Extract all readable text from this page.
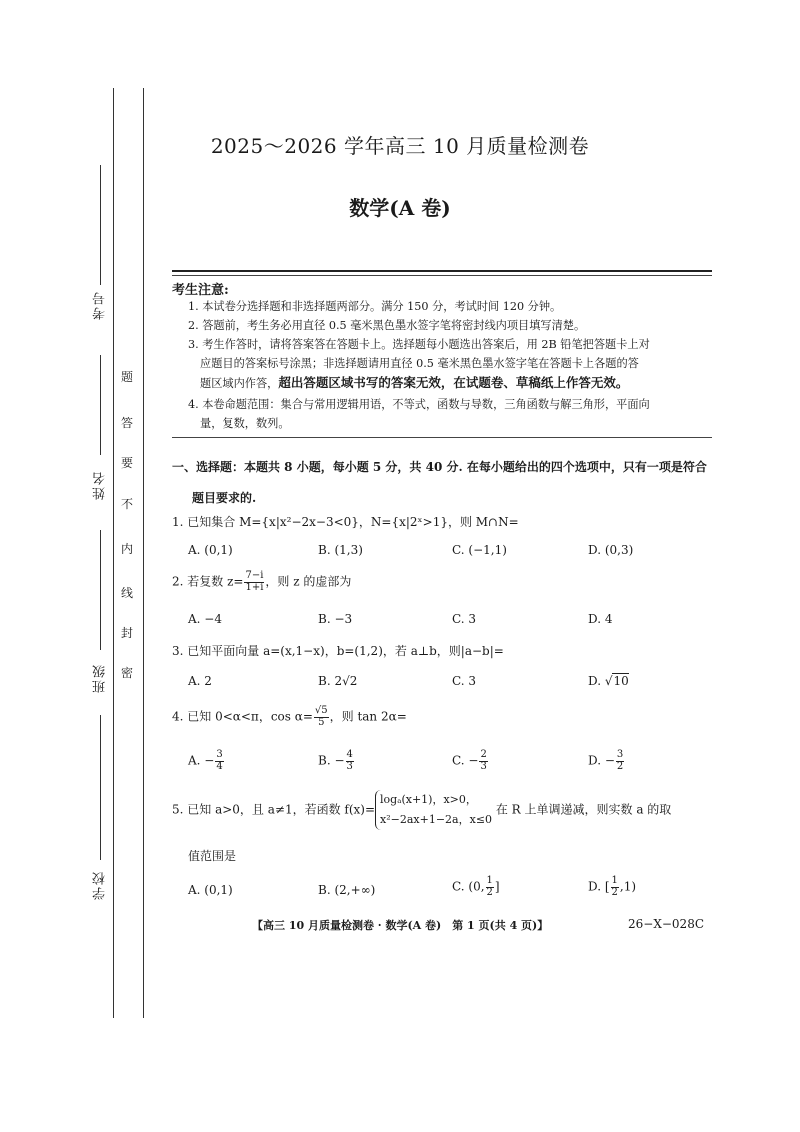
考号
姓名
班级
学校
密
封
线
内
不
要
答
题
2025～2026 学年高三 10 月质量检测卷
数学(A 卷)
考生注意:
1. 本试卷分选择题和非选择题两部分。满分 150 分，考试时间 120 分钟。
2. 答题前，考生务必用直径 0.5 毫米黑色墨水签字笔将密封线内项目填写清楚。
3. 考生作答时，请将答案答在答题卡上。选择题每小题选出答案后，用 2B 铅笔把答题卡上对
应题目的答案标号涂黑；非选择题请用直径 0.5 毫米黑色墨水签字笔在答题卡上各题的答
题区域内作答，超出答题区域书写的答案无效，在试题卷、草稿纸上作答无效。
4. 本卷命题范围：集合与常用逻辑用语，不等式，函数与导数，三角函数与解三角形，平面向
量，复数，数列。
一、选择题：本题共 8 小题，每小题 5 分，共 40 分. 在每小题给出的四个选项中，只有一项是符合
题目要求的.
1. 已知集合 M={x|x²−2x−3<0}，N={x|2ˣ>1}，则 M∩N=
A. (0,1)	B. (1,3)	C. (−1,1)	D. (0,3)
2. 若复数 $z= \frac{7-i}{1+i}$ ，则 z 的虚部为
A. −4	B. −3	C. 3	D. 4
3. 已知平面向量 a=(x,1−x)，b=(1,2)，若 a⊥b，则|a−b|=
A. 2	B. 2√2	C. 3	D. √10
4. 已知 0<α<π，$\cos \alpha= \frac{√5}{5}$ ，则 tan 2α=
A. − $\frac{3}{4}$	B. − $\frac{4}{3}$	C. − $\frac{2}{3}$	D. − $\frac{3}{2}$
5. 已知 a>0，且 a≠1，若函数 f(x)=
logₐ(x+1)，x>0，
x²−2ax+1−2a，x≤0
在 R 上单调递减，则实数 a 的取
值范围是
A. (0,1)	B. (2,+∞)	C. (0, $\frac{1}{2}$ ]	D. [ $\frac{1}{2} ,1$)
【高三 10 月质量检测卷 · 数学(A 卷)　第 1 页(共 4 页)】	26−X−028C
